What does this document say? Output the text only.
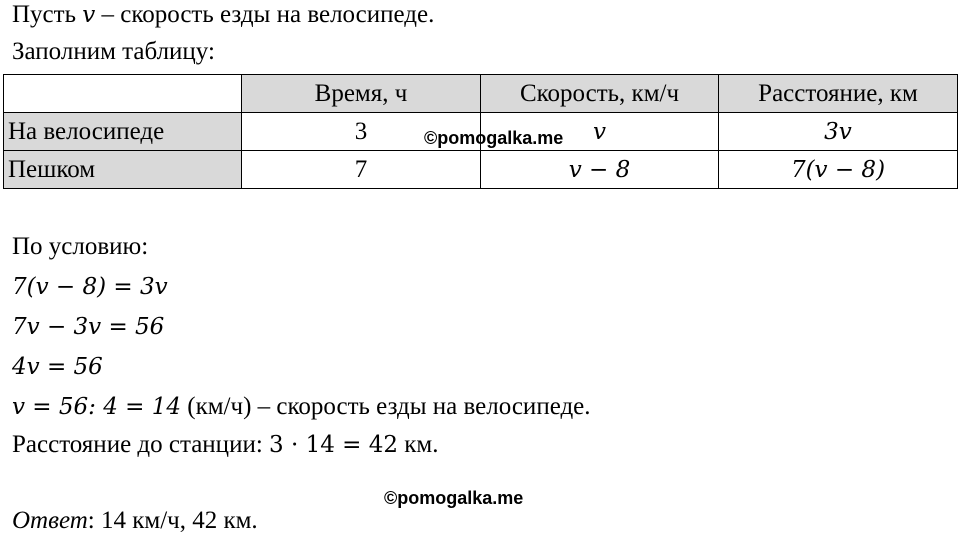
Пусть v – скорость езды на велосипеде.
Заполним таблицу:
	Время, ч	Скорость, км/ч	Расстояние, км
На велосипеде	3	v	3v
Пешком	7	v − 8	7(v − 8)
©pomogalka.me
По условию:
7(v − 8) = 3v
7v − 3v = 56
4v = 56
v = 56: 4 = 14 (км/ч) – скорость езды на велосипеде.
Расстояние до станции: 3 · 14 = 42 км.
©pomogalka.me
Ответ: 14 км/ч, 42 км.
